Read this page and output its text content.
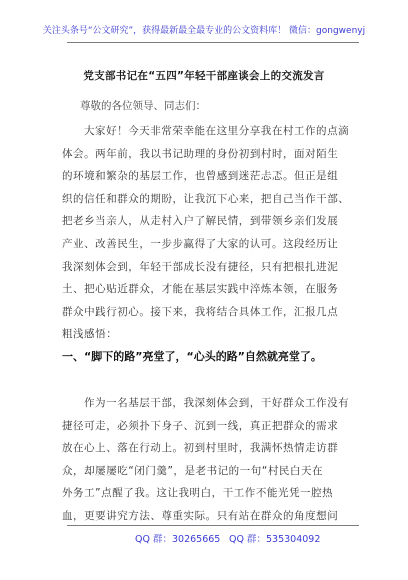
关注头条号“公文研究”，获得最新最全最专业的公文资料库！ 微信：gongwenyj
党支部书记在“五四”年轻干部座谈会上的交流发言
尊敬的各位领导、同志们：
大家好！今天非常荣幸能在这里分享我在村工作的点滴
体会。两年前，我以书记助理的身份初到村时，面对陌生
的环境和繁杂的基层工作，也曾感到迷茫忐忑。但正是组
织的信任和群众的期盼，让我沉下心来，把自己当作干部、
把老乡当亲人，从走村入户了解民情，到带领乡亲们发展
产业、改善民生，一步步赢得了大家的认可。这段经历让
我深刻体会到，年轻干部成长没有捷径，只有把根扎进泥
土、把心贴近群众，才能在基层实践中淬炼本领，在服务
群众中践行初心。接下来，我将结合具体工作，汇报几点
粗浅感悟：
一、“脚下的路”亮堂了，“心头的路”自然就亮堂了。
作为一名基层干部，我深刻体会到，干好群众工作没有
捷径可走，必须扑下身子、沉到一线，真正把群众的需求
放在心上、落在行动上。初到村里时，我满怀热情走访群
众，却屡屡吃“闭门羹”，是老书记的一句“村民白天在
外务工”点醒了我。这让我明白，干工作不能光凭一腔热
血，更要讲究方法、尊重实际。只有站在群众的角度想问
QQ 群：30265665 QQ 群：535304092
